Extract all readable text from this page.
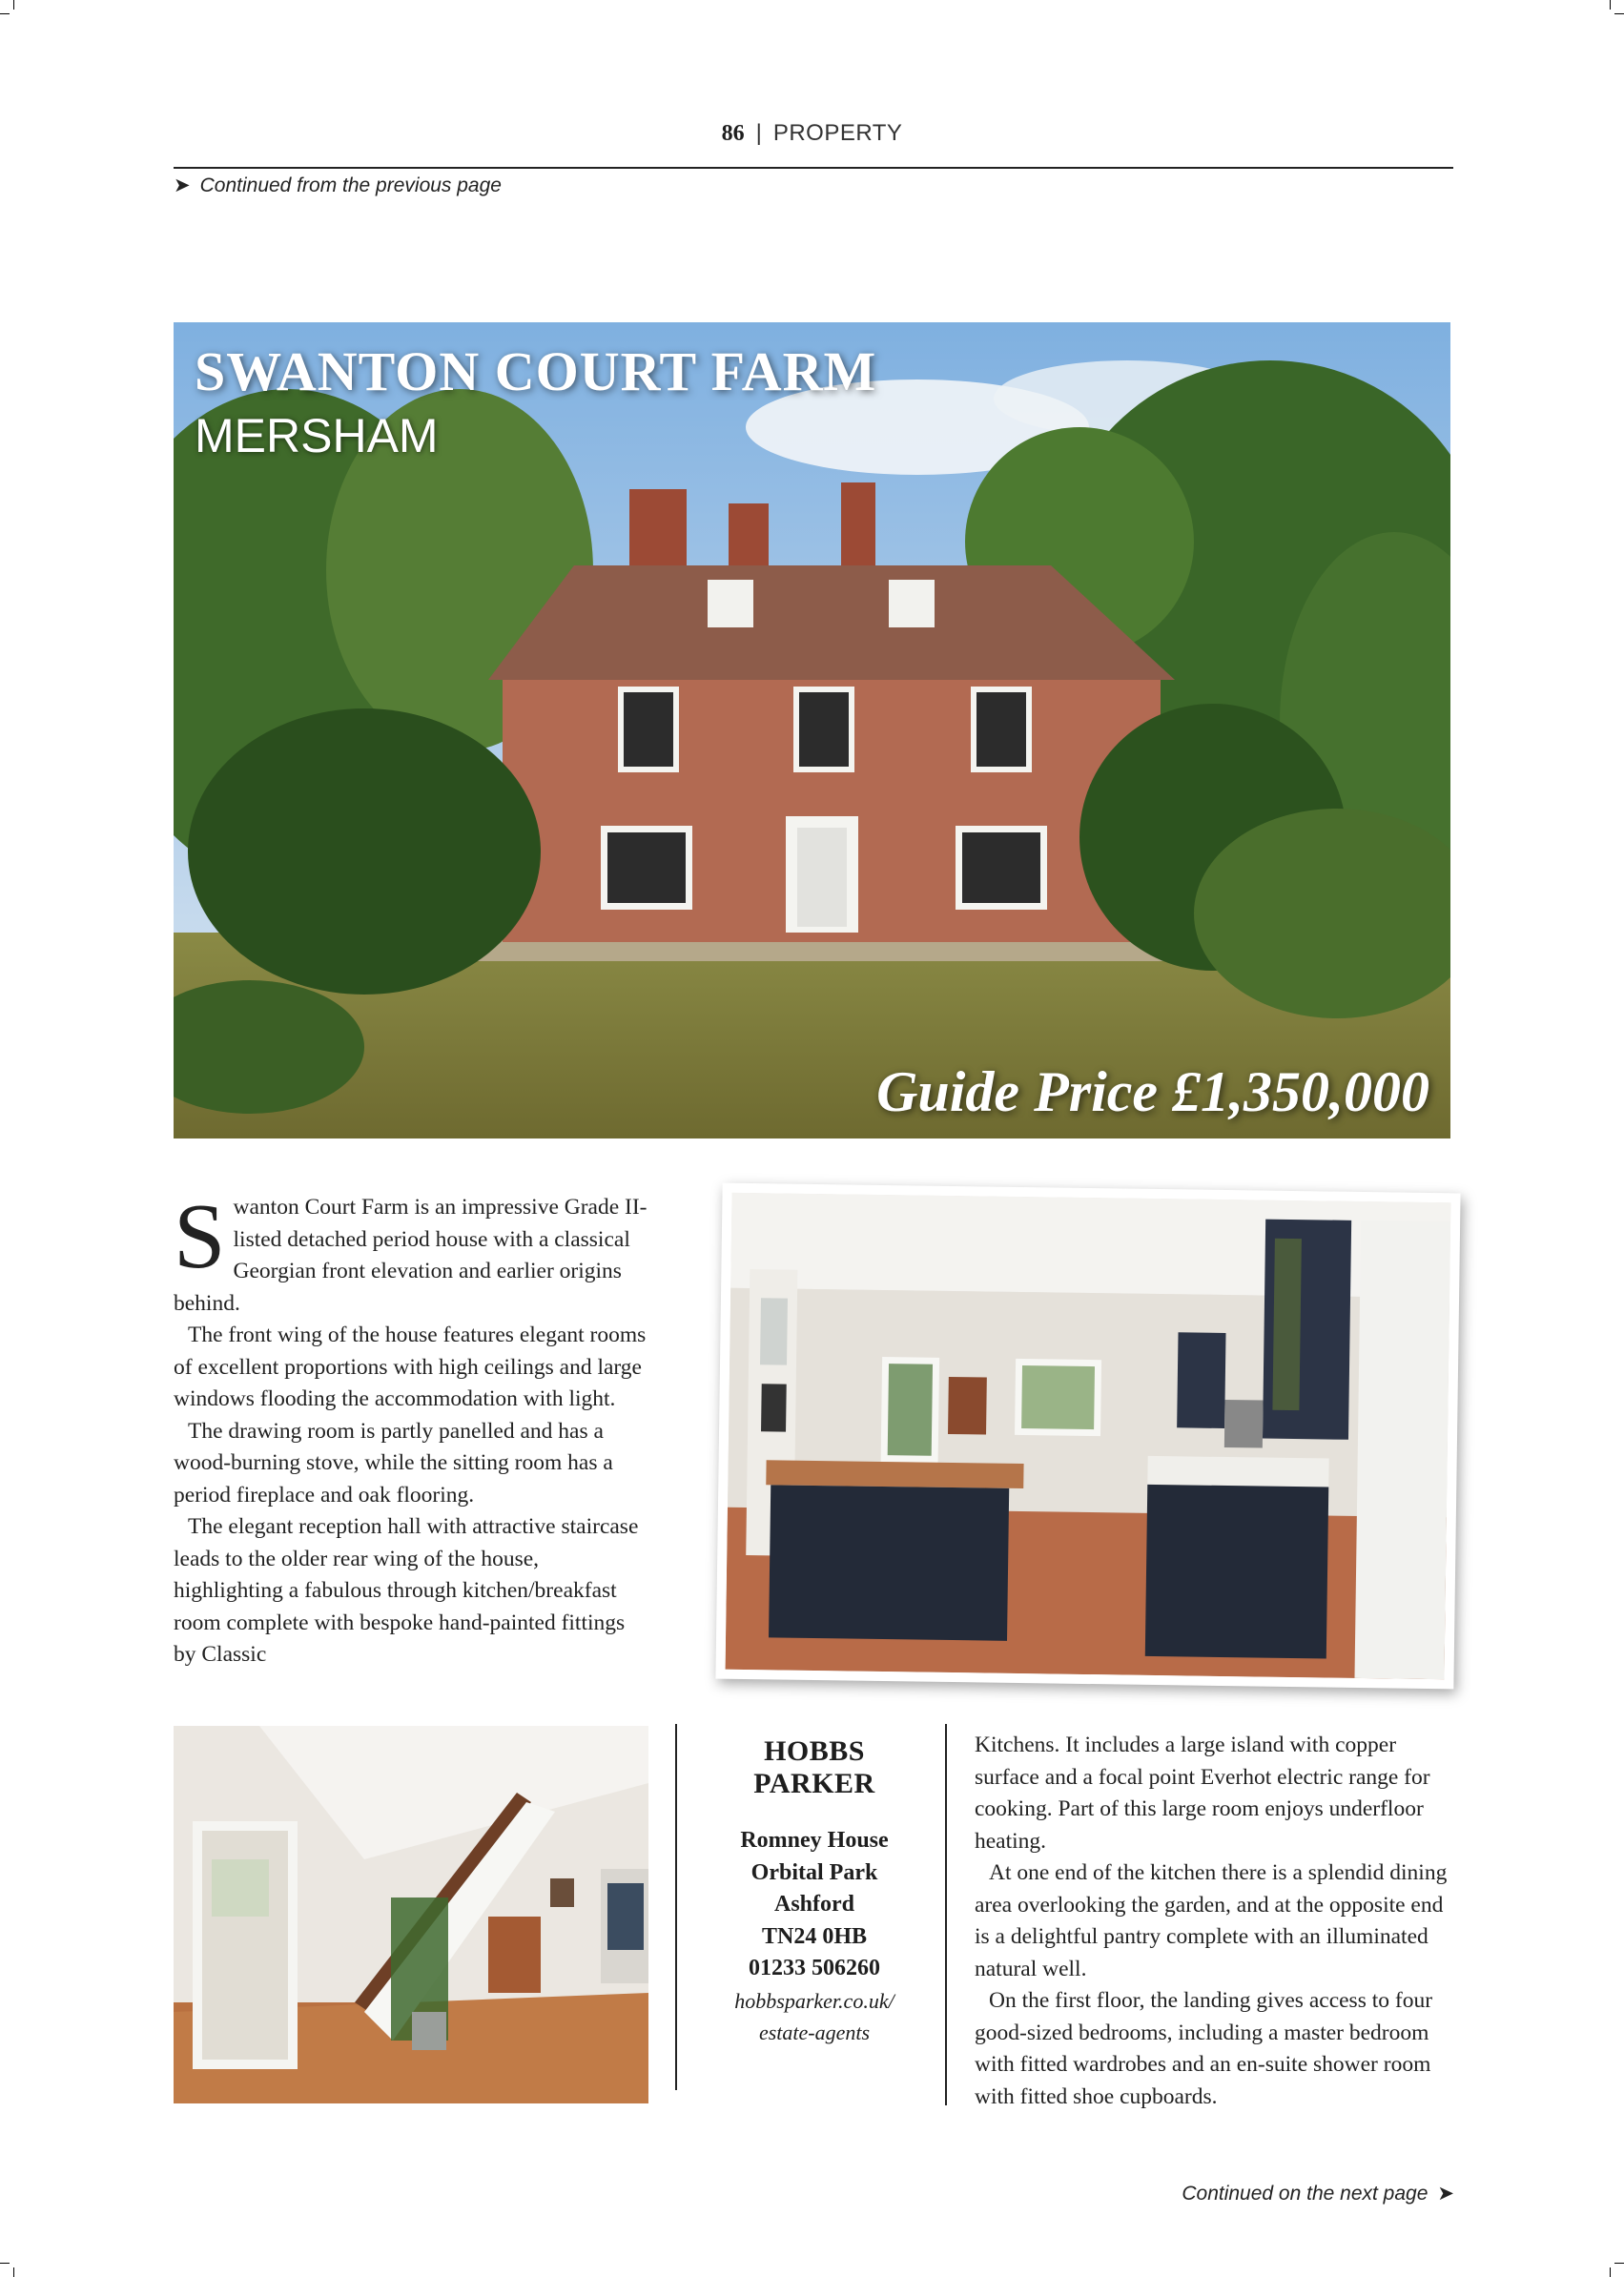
86 | PROPERTY
➤ Continued from the previous page
SWANTON COURT FARM
MERSHAM
Guide Price £1,350,000

Swanton Court Farm is an impressive Grade II-listed detached period house with a classical Georgian front elevation and earlier origins behind.

The front wing of the house features elegant rooms of excellent proportions with high ceilings and large windows flooding the accommodation with light.

The drawing room is partly panelled and has a wood-burning stove, while the sitting room has a period fireplace and oak flooring.

The elegant reception hall with attractive staircase leads to the older rear wing of the house, highlighting a fabulous through kitchen/breakfast room complete with bespoke hand-painted fittings by Classic

HOBBS
PARKER
Romney House
Orbital Park
Ashford
TN24 0HB
01233 506260
hobbsparker.co.uk/
estate-agents

Kitchens. It includes a large island with copper surface and a focal point Everhot electric range for cooking. Part of this large room enjoys underfloor heating.

At one end of the kitchen there is a splendid dining area overlooking the garden, and at the opposite end is a delightful pantry complete with an illuminated natural well.

On the first floor, the landing gives access to four good-sized bedrooms, including a master bedroom with fitted wardrobes and an en-suite shower room with fitted shoe cupboards.

Continued on the next page ➤
